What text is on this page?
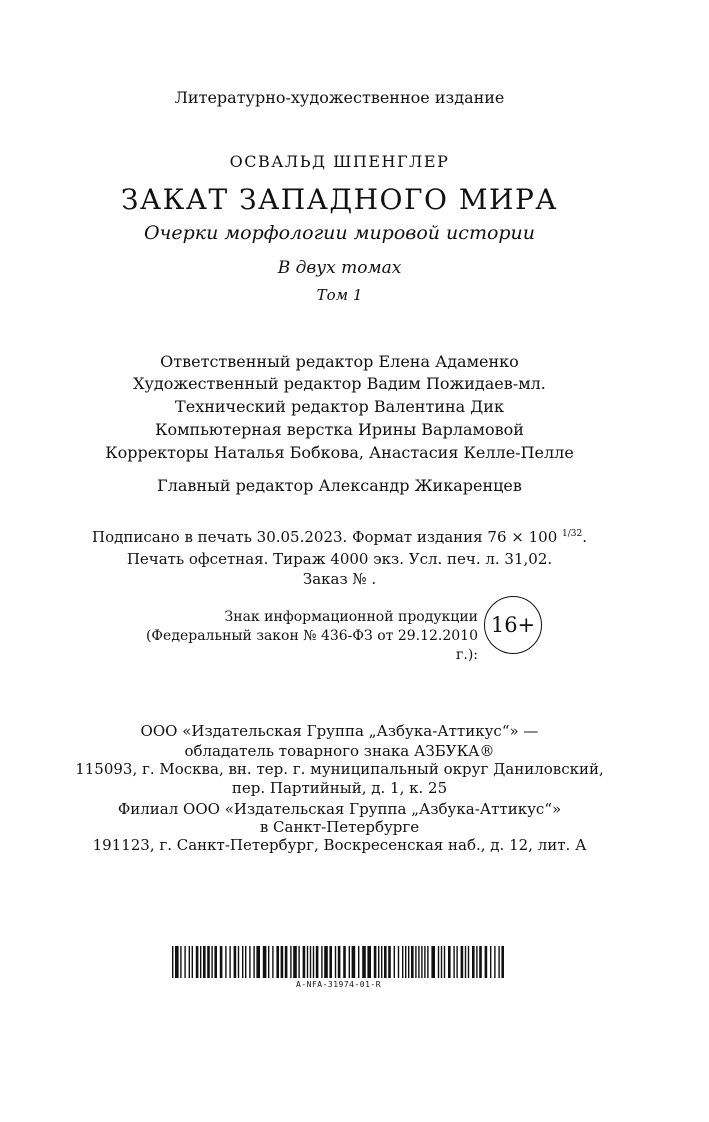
Литературно-художественное издание
ОСВАЛЬД ШПЕНГЛЕР
ЗАКАТ ЗАПАДНОГО МИРА
Очерки морфологии мировой истории
В двух томах
Том 1
Ответственный редактор Елена Адаменко
Художественный редактор Вадим Пожидаев-мл.
Технический редактор Валентина Дик
Компьютерная верстка Ирины Варламовой
Корректоры Наталья Бобкова, Анастасия Келле-Пелле
Главный редактор Александр Жикаренцев
Подписано в печать 30.05.2023. Формат издания 76 × 100 $^{1/32}$.
Печать офсетная. Тираж 4000 экз. Усл. печ. л. 31,02.
Заказ № .
Знак информационной продукции
(Федеральный закон № 436-ФЗ от 29.12.2010 г.):
16+
ООО «Издательская Группа „Азбука-Аттикус“» —
обладатель товарного знака АЗБУКА®
115093, г. Москва, вн. тер. г. муниципальный округ Даниловский,
пер. Партийный, д. 1, к. 25
Филиал ООО «Издательская Группа „Азбука-Аттикус“»
в Санкт-Петербурге
191123, г. Санкт-Петербург, Воскресенская наб., д. 12, лит. А
A-NFA-31974-01-R
